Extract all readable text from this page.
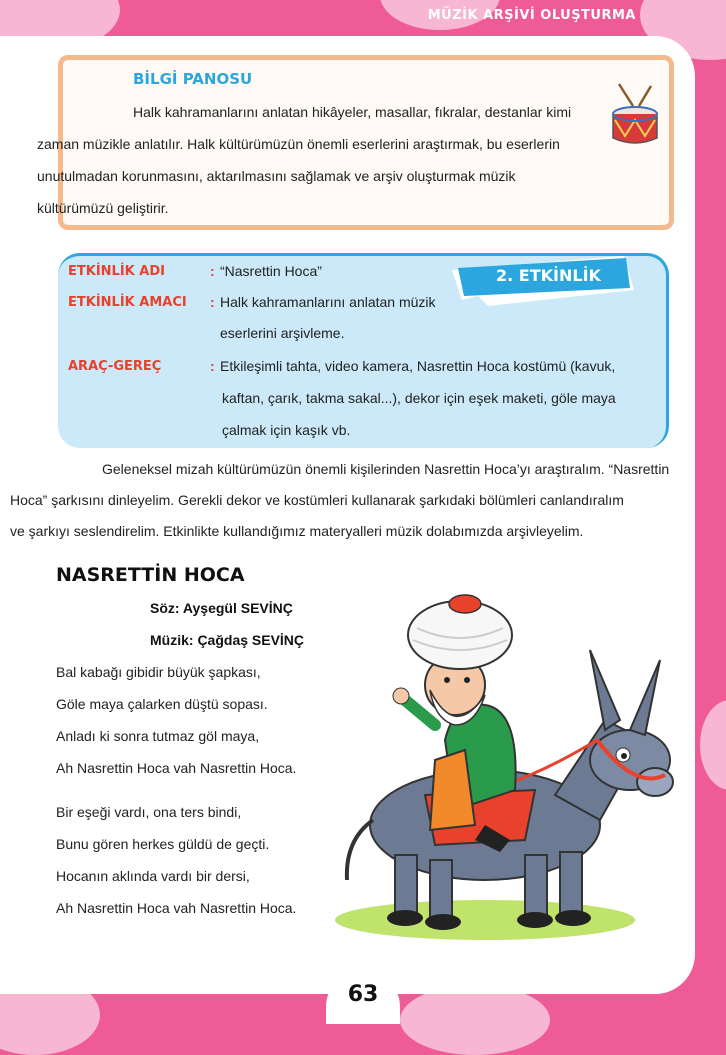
MÜZİK ARŞİVİ OLUŞTURMA
BİLGİ PANOSU

Halk kahramanlarını anlatan hikâyeler, masallar, fıkralar, destanlar kimi
zaman müzikle anlatılır. Halk kültürümüzün önemli eserlerini araştırmak, bu eserlerin
unutulmadan korunmasını, aktarılmasını sağlamak ve arşiv oluşturmak müzik
kültürümüzü geliştirir.

2. ETKİNLİK
ETKİNLİK ADI	: “Nasrettin Hoca”
ETKİNLİK AMACI : Halk kahramanlarını anlatan müzik
eserlerini arşivleme.
ARAÇ-GEREÇ	: Etkileşimli tahta, video kamera, Nasrettin Hoca kostümü (kavuk,
kaftan, çarık, takma sakal...), dekor için eşek maketi, göle maya
çalmak için kaşık vb.

Geleneksel mizah kültürümüzün önemli kişilerinden Nasrettin Hoca’yı araştıralım. “Nasrettin
Hoca” şarkısını dinleyelim. Gerekli dekor ve kostümleri kullanarak şarkıdaki bölümleri canlandıralım
ve şarkıyı seslendirelim. Etkinlikte kullandığımız materyalleri müzik dolabımızda arşivleyelim.

NASRETTİN HOCA
Söz: Ayşegül SEVİNÇ
Müzik: Çağdaş SEVİNÇ
Bal kabağı gibidir büyük şapkası,
Göle maya çalarken düştü sopası.
Anladı ki sonra tutmaz göl maya,
Ah Nasrettin Hoca vah Nasrettin Hoca.
Bir eşeği vardı, ona ters bindi,
Bunu gören herkes güldü de geçti.
Hocanın aklında vardı bir dersi,
Ah Nasrettin Hoca vah Nasrettin Hoca.
63
